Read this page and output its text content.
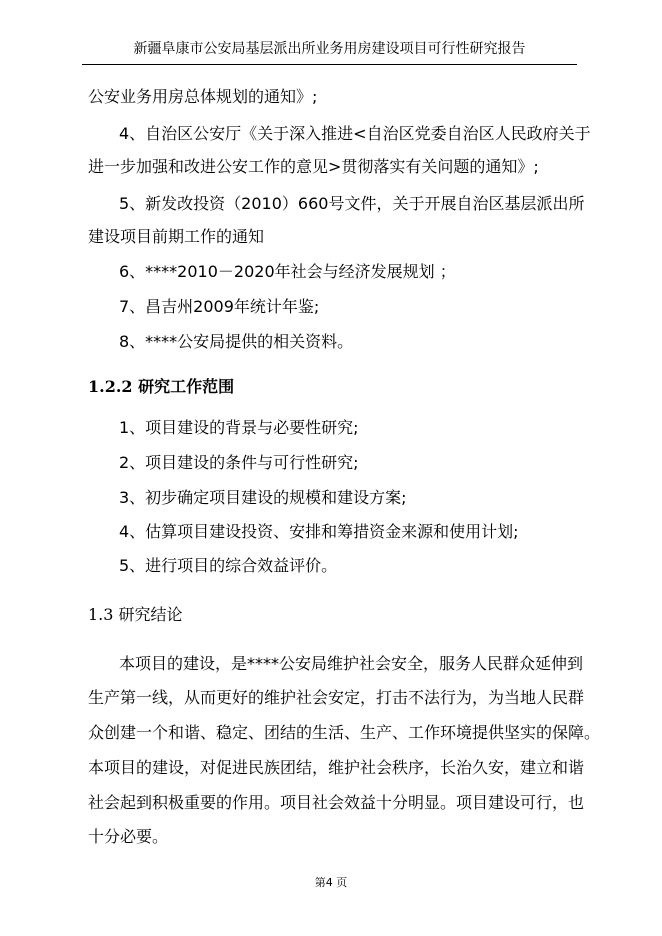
新疆阜康市公安局基层派出所业务用房建设项目可行性研究报告
公安业务用房总体规划的通知》;
4、自治区公安厅《关于深入推进<自治区党委自治区人民政府关于
进一步加强和改进公安工作的意见>贯彻落实有关问题的通知》;
5、新发改投资（2010）660号文件，关于开展自治区基层派出所
建设项目前期工作的通知
6、****2010－2020年社会与经济发展规划 ；
7、昌吉州2009年统计年鉴;
8、****公安局提供的相关资料。
1.2.2 研究工作范围
1、项目建设的背景与必要性研究;
2、项目建设的条件与可行性研究;
3、初步确定项目建设的规模和建设方案;
4、估算项目建设投资、安排和筹措资金来源和使用计划;
5、进行项目的综合效益评价。
1.3 研究结论
本项目的建设，是****公安局维护社会安全，服务人民群众延伸到
生产第一线，从而更好的维护社会安定，打击不法行为，为当地人民群
众创建一个和谐、稳定、团结的生活、生产、工作环境提供坚实的保障。
本项目的建设，对促进民族团结，维护社会秩序，长治久安，建立和谐
社会起到积极重要的作用。项目社会效益十分明显。项目建设可行，也
十分必要。
第4 页
